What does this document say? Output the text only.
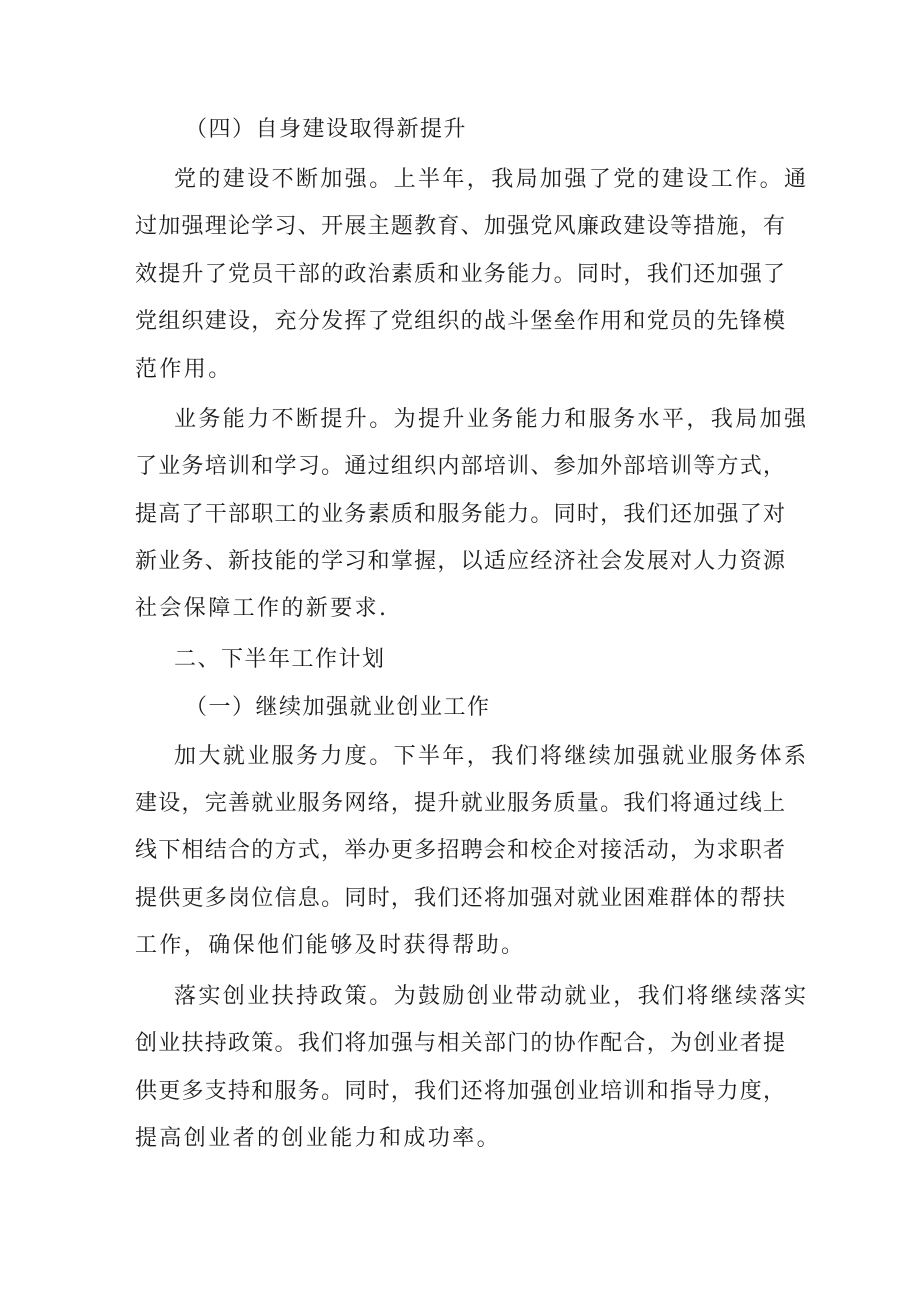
（四）自身建设取得新提升
党的建设不断加强。上半年，我局加强了党的建设工作。通
过加强理论学习、开展主题教育、加强党风廉政建设等措施，有
效提升了党员干部的政治素质和业务能力。同时，我们还加强了
党组织建设，充分发挥了党组织的战斗堡垒作用和党员的先锋模
范作用。
业务能力不断提升。为提升业务能力和服务水平，我局加强
了业务培训和学习。通过组织内部培训、参加外部培训等方式，
提高了干部职工的业务素质和服务能力。同时，我们还加强了对
新业务、新技能的学习和掌握，以适应经济社会发展对人力资源
社会保障工作的新要求.
二、下半年工作计划
（一）继续加强就业创业工作
加大就业服务力度。下半年，我们将继续加强就业服务体系
建设，完善就业服务网络，提升就业服务质量。我们将通过线上
线下相结合的方式，举办更多招聘会和校企对接活动，为求职者
提供更多岗位信息。同时，我们还将加强对就业困难群体的帮扶
工作，确保他们能够及时获得帮助。
落实创业扶持政策。为鼓励创业带动就业，我们将继续落实
创业扶持政策。我们将加强与相关部门的协作配合，为创业者提
供更多支持和服务。同时，我们还将加强创业培训和指导力度，
提高创业者的创业能力和成功率。
